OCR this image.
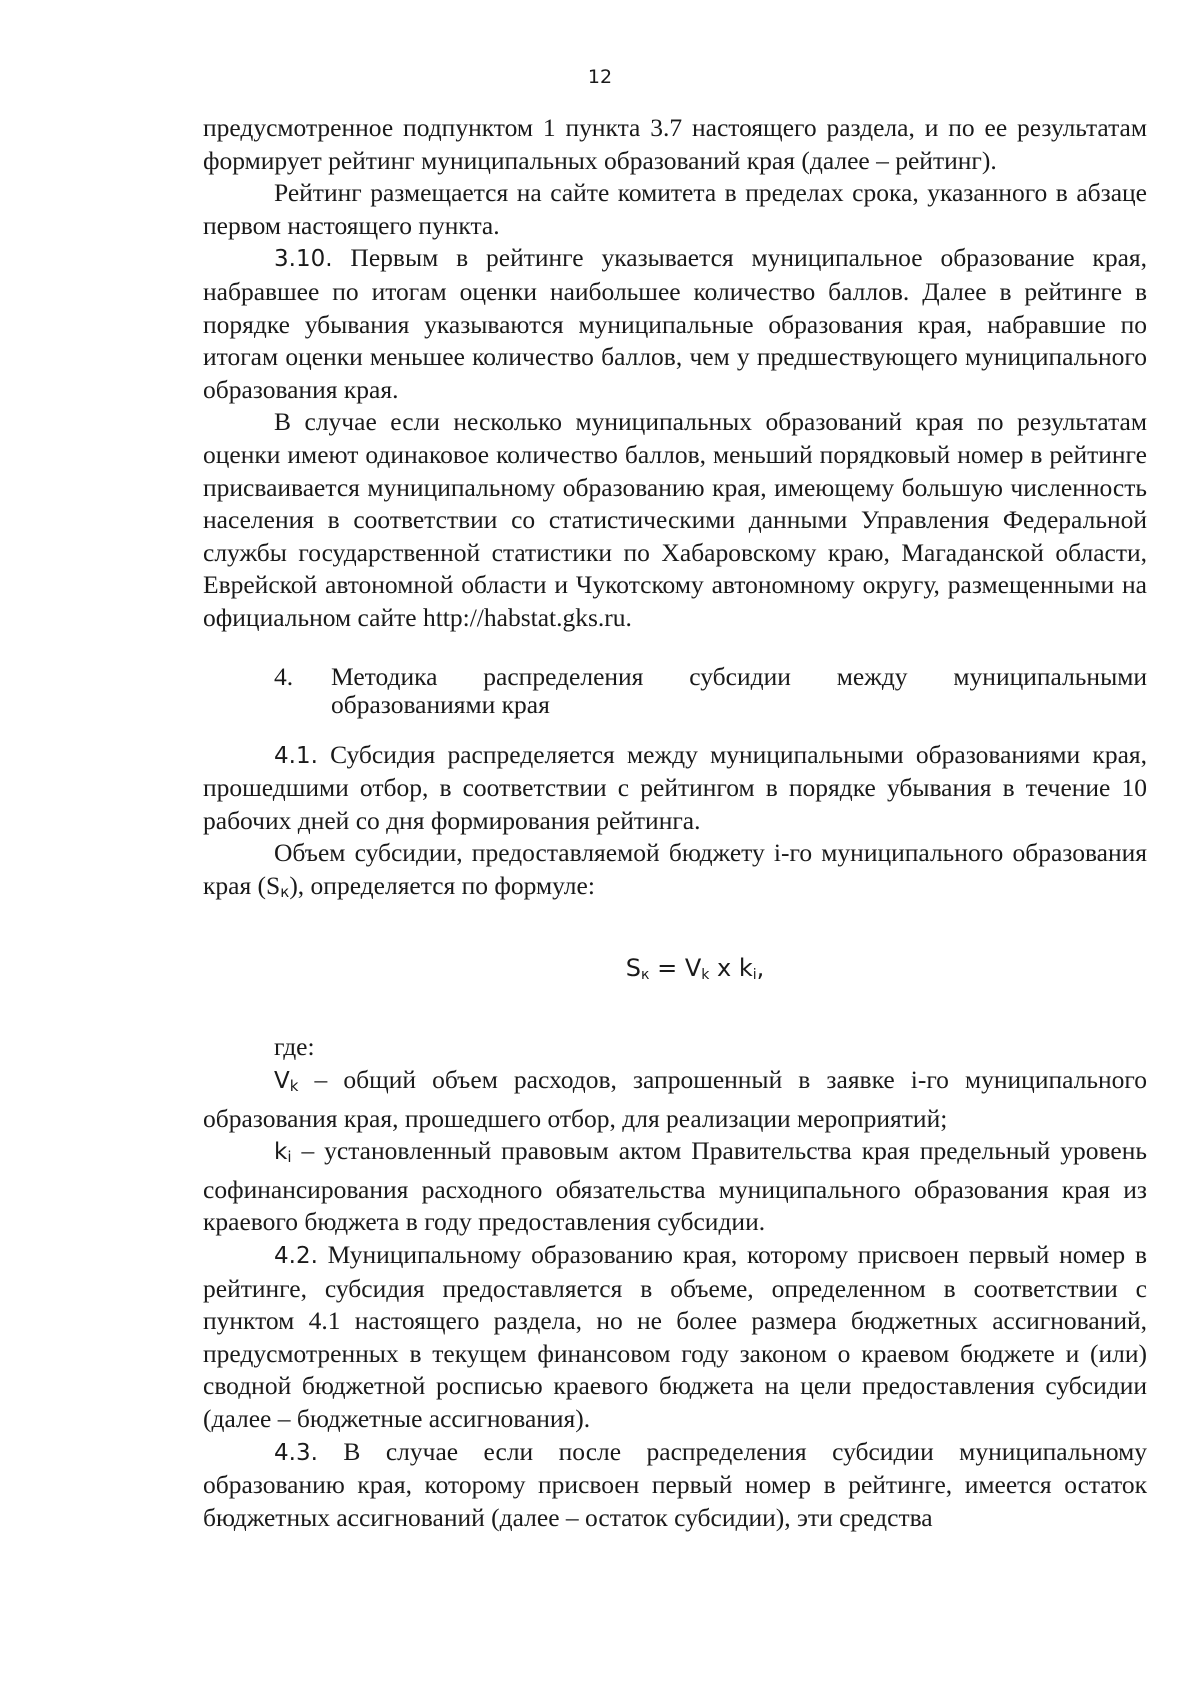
12

предусмотренное подпунктом 1 пункта 3.7 настоящего раздела, и по ее результатам формирует рейтинг муниципальных образований края (далее – рейтинг).

Рейтинг размещается на сайте комитета в пределах срока, указанного в абзаце первом настоящего пункта.

3.10. Первым в рейтинге указывается муниципальное образование края, набравшее по итогам оценки наибольшее количество баллов. Далее в рейтинге в порядке убывания указываются муниципальные образования края, набравшие по итогам оценки меньшее количество баллов, чем у предшествующего муниципального образования края.

В случае если несколько муниципальных образований края по результатам оценки имеют одинаковое количество баллов, меньший порядковый номер в рейтинге присваивается муниципальному образованию края, имеющему большую численность населения в соответствии со статистическими данными Управления Федеральной службы государственной статистики по Хабаровскому краю, Магаданской области, Еврейской автономной области и Чукотскому автономному округу, размещенными на официальном сайте http://habstat.gks.ru.

4.	Методика распределения субсидии между муниципальными образованиями края

4.1. Субсидия распределяется между муниципальными образованиями края, прошедшими отбор, в соответствии с рейтингом в порядке убывания в течение 10 рабочих дней со дня формирования рейтинга.

Объем субсидии, предоставляемой бюджету i-го муниципального образования края $(S_к)$, определяется по формуле:

Sк = Vk x ki,

где:

$V_k$ – общий объем расходов, запрошенный в заявке i-го муниципального образования края, прошедшего отбор, для реализации мероприятий;

$k_i$ – установленный правовым актом Правительства края предельный уровень софинансирования расходного обязательства муниципального образования края из краевого бюджета в году предоставления субсидии.

4.2. Муниципальному образованию края, которому присвоен первый номер в рейтинге, субсидия предоставляется в объеме, определенном в соответствии с пунктом 4.1 настоящего раздела, но не более размера бюджетных ассигнований, предусмотренных в текущем финансовом году законом о краевом бюджете и (или) сводной бюджетной росписью краевого бюджета на цели предоставления субсидии (далее – бюджетные ассигнования).

4.3. В случае если после распределения субсидии муниципальному образованию края, которому присвоен первый номер в рейтинге, имеется остаток бюджетных ассигнований (далее – остаток субсидии), эти средства
